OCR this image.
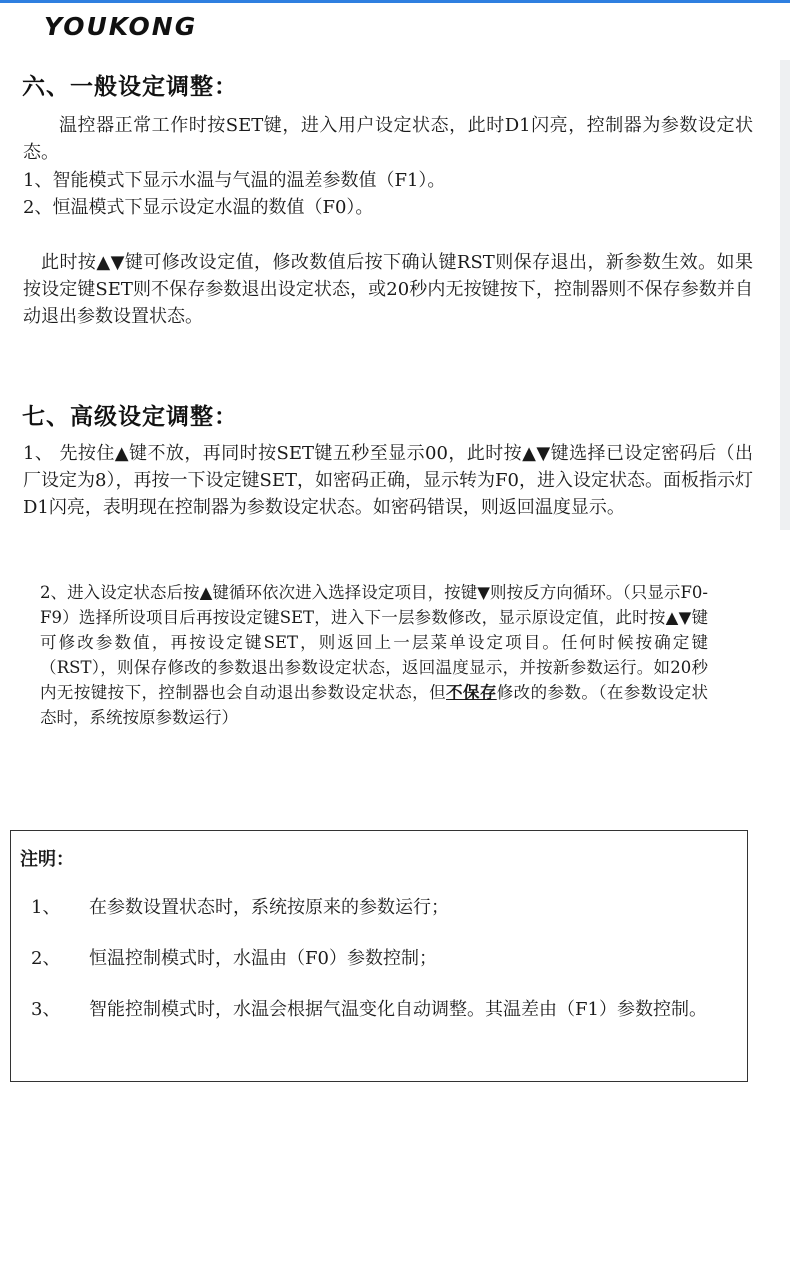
YOUKONG
六、一般设定调整：

温控器正常工作时按SET键，进入用户设定状态，此时D1闪亮，控制器为参数设定状态。

1、智能模式下显示水温与气温的温差参数值（F1）。

2、恒温模式下显示设定水温的数值（F0）。

此时按▲▼键可修改设定值，修改数值后按下确认键RST则保存退出，新参数生效。如果按设定键SET则不保存参数退出设定状态，或20秒内无按键按下，控制器则不保存参数并自动退出参数设置状态。

七、高级设定调整：

1、 先按住▲键不放，再同时按SET键五秒至显示00，此时按▲▼键选择已设定密码后（出厂设定为8），再按一下设定键SET，如密码正确，显示转为F0，进入设定状态。面板指示灯D1闪亮，表明现在控制器为参数设定状态。如密码错误，则返回温度显示。

2、进入设定状态后按▲键循环依次进入选择设定项目，按键▼则按反方向循环。（只显示F0-F9）选择所设项目后再按设定键SET，进入下一层参数修改，显示原设定值，此时按▲▼键可修改参数值，再按设定键SET，则返回上一层菜单设定项目。任何时候按确定键（RST），则保存修改的参数退出参数设定状态，返回温度显示，并按新参数运行。如20秒内无按键按下，控制器也会自动退出参数设定状态，但不保存修改的参数。（在参数设定状态时，系统按原参数运行）

注明：

1、 在参数设置状态时，系统按原来的参数运行；
2、 恒温控制模式时，水温由（F0）参数控制；
3、 智能控制模式时，水温会根据气温变化自动调整。其温差由（F1）参数控制。
